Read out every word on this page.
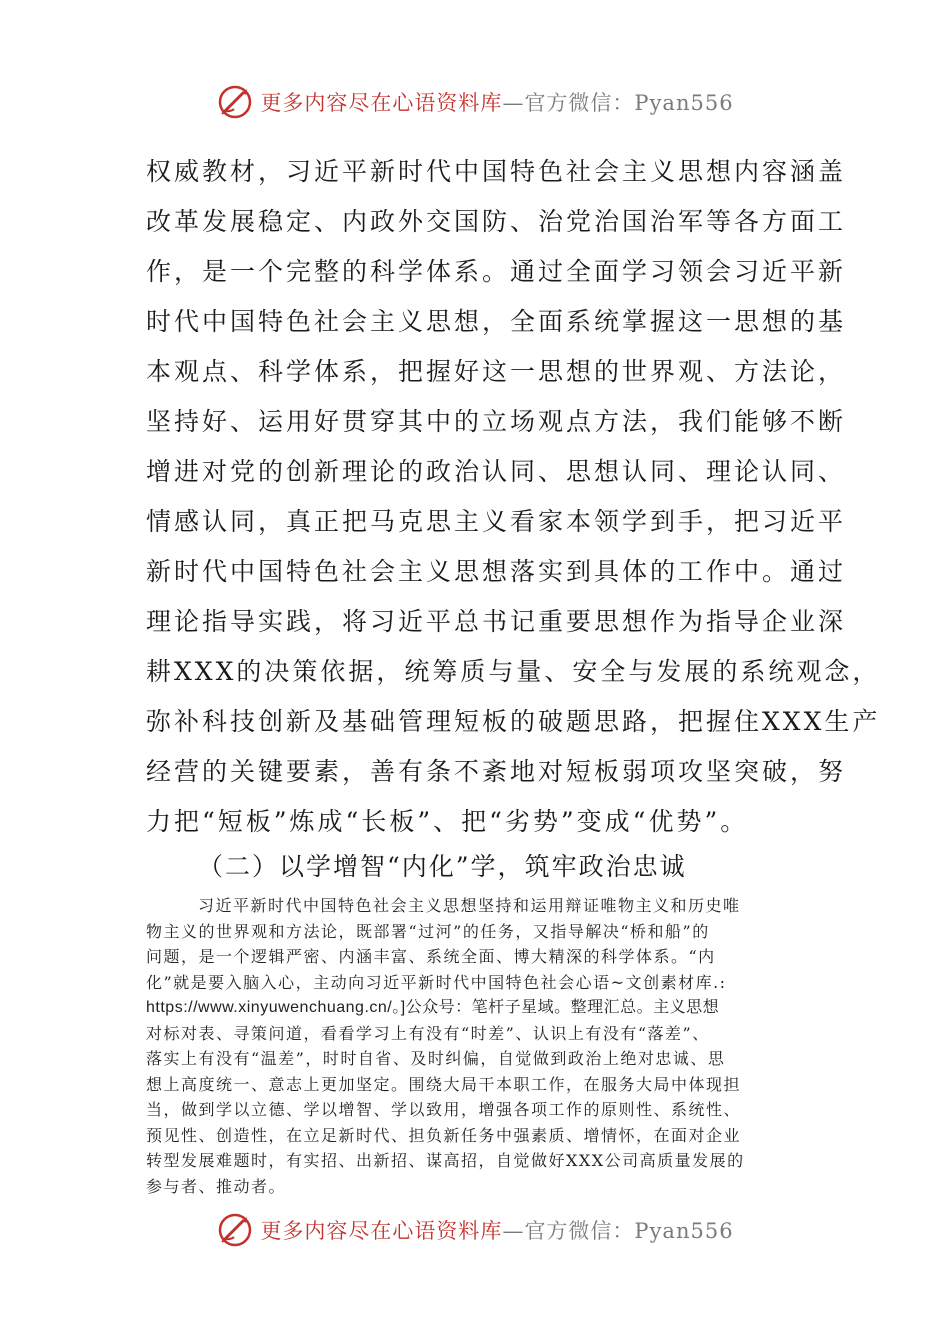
更多内容尽在心语资料库—官方微信：Pyan556
权威教材，习近平新时代中国特色社会主义思想内容涵盖
改革发展稳定、内政外交国防、治党治国治军等各方面工
作，是一个完整的科学体系。通过全面学习领会习近平新
时代中国特色社会主义思想，全面系统掌握这一思想的基
本观点、科学体系，把握好这一思想的世界观、方法论，
坚持好、运用好贯穿其中的立场观点方法，我们能够不断
增进对党的创新理论的政治认同、思想认同、理论认同、
情感认同，真正把马克思主义看家本领学到手，把习近平
新时代中国特色社会主义思想落实到具体的工作中。通过
理论指导实践，将习近平总书记重要思想作为指导企业深
耕XXX的决策依据，统筹质与量、安全与发展的系统观念，
弥补科技创新及基础管理短板的破题思路，把握住XXX生产
经营的关键要素，善有条不紊地对短板弱项攻坚突破，努
力把“短板”炼成“长板”、把“劣势”变成“优势”。
（二）以学增智“内化”学，筑牢政治忠诚
习近平新时代中国特色社会主义思想坚持和运用辩证唯物主义和历史唯
物主义的世界观和方法论，既部署“过河”的任务，又指导解决“桥和船”的
问题，是一个逻辑严密、内涵丰富、系统全面、博大精深的科学体系。“内
化”就是要入脑入心，主动向习近平新时代中国特色社会心语~文创素材库.:
https://www.xinyuwenchuang.cn/。]公众号：笔杆子星域。整理汇总。主义思想
对标对表、寻策问道，看看学习上有没有“时差”、认识上有没有“落差”、
落实上有没有“温差”，时时自省、及时纠偏，自觉做到政治上绝对忠诚、思
想上高度统一、意志上更加坚定。围绕大局干本职工作，在服务大局中体现担
当，做到学以立德、学以增智、学以致用，增强各项工作的原则性、系统性、
预见性、创造性，在立足新时代、担负新任务中强素质、增情怀，在面对企业
转型发展难题时，有实招、出新招、谋高招，自觉做好XXX公司高质量发展的
参与者、推动者。
更多内容尽在心语资料库—官方微信：Pyan556
